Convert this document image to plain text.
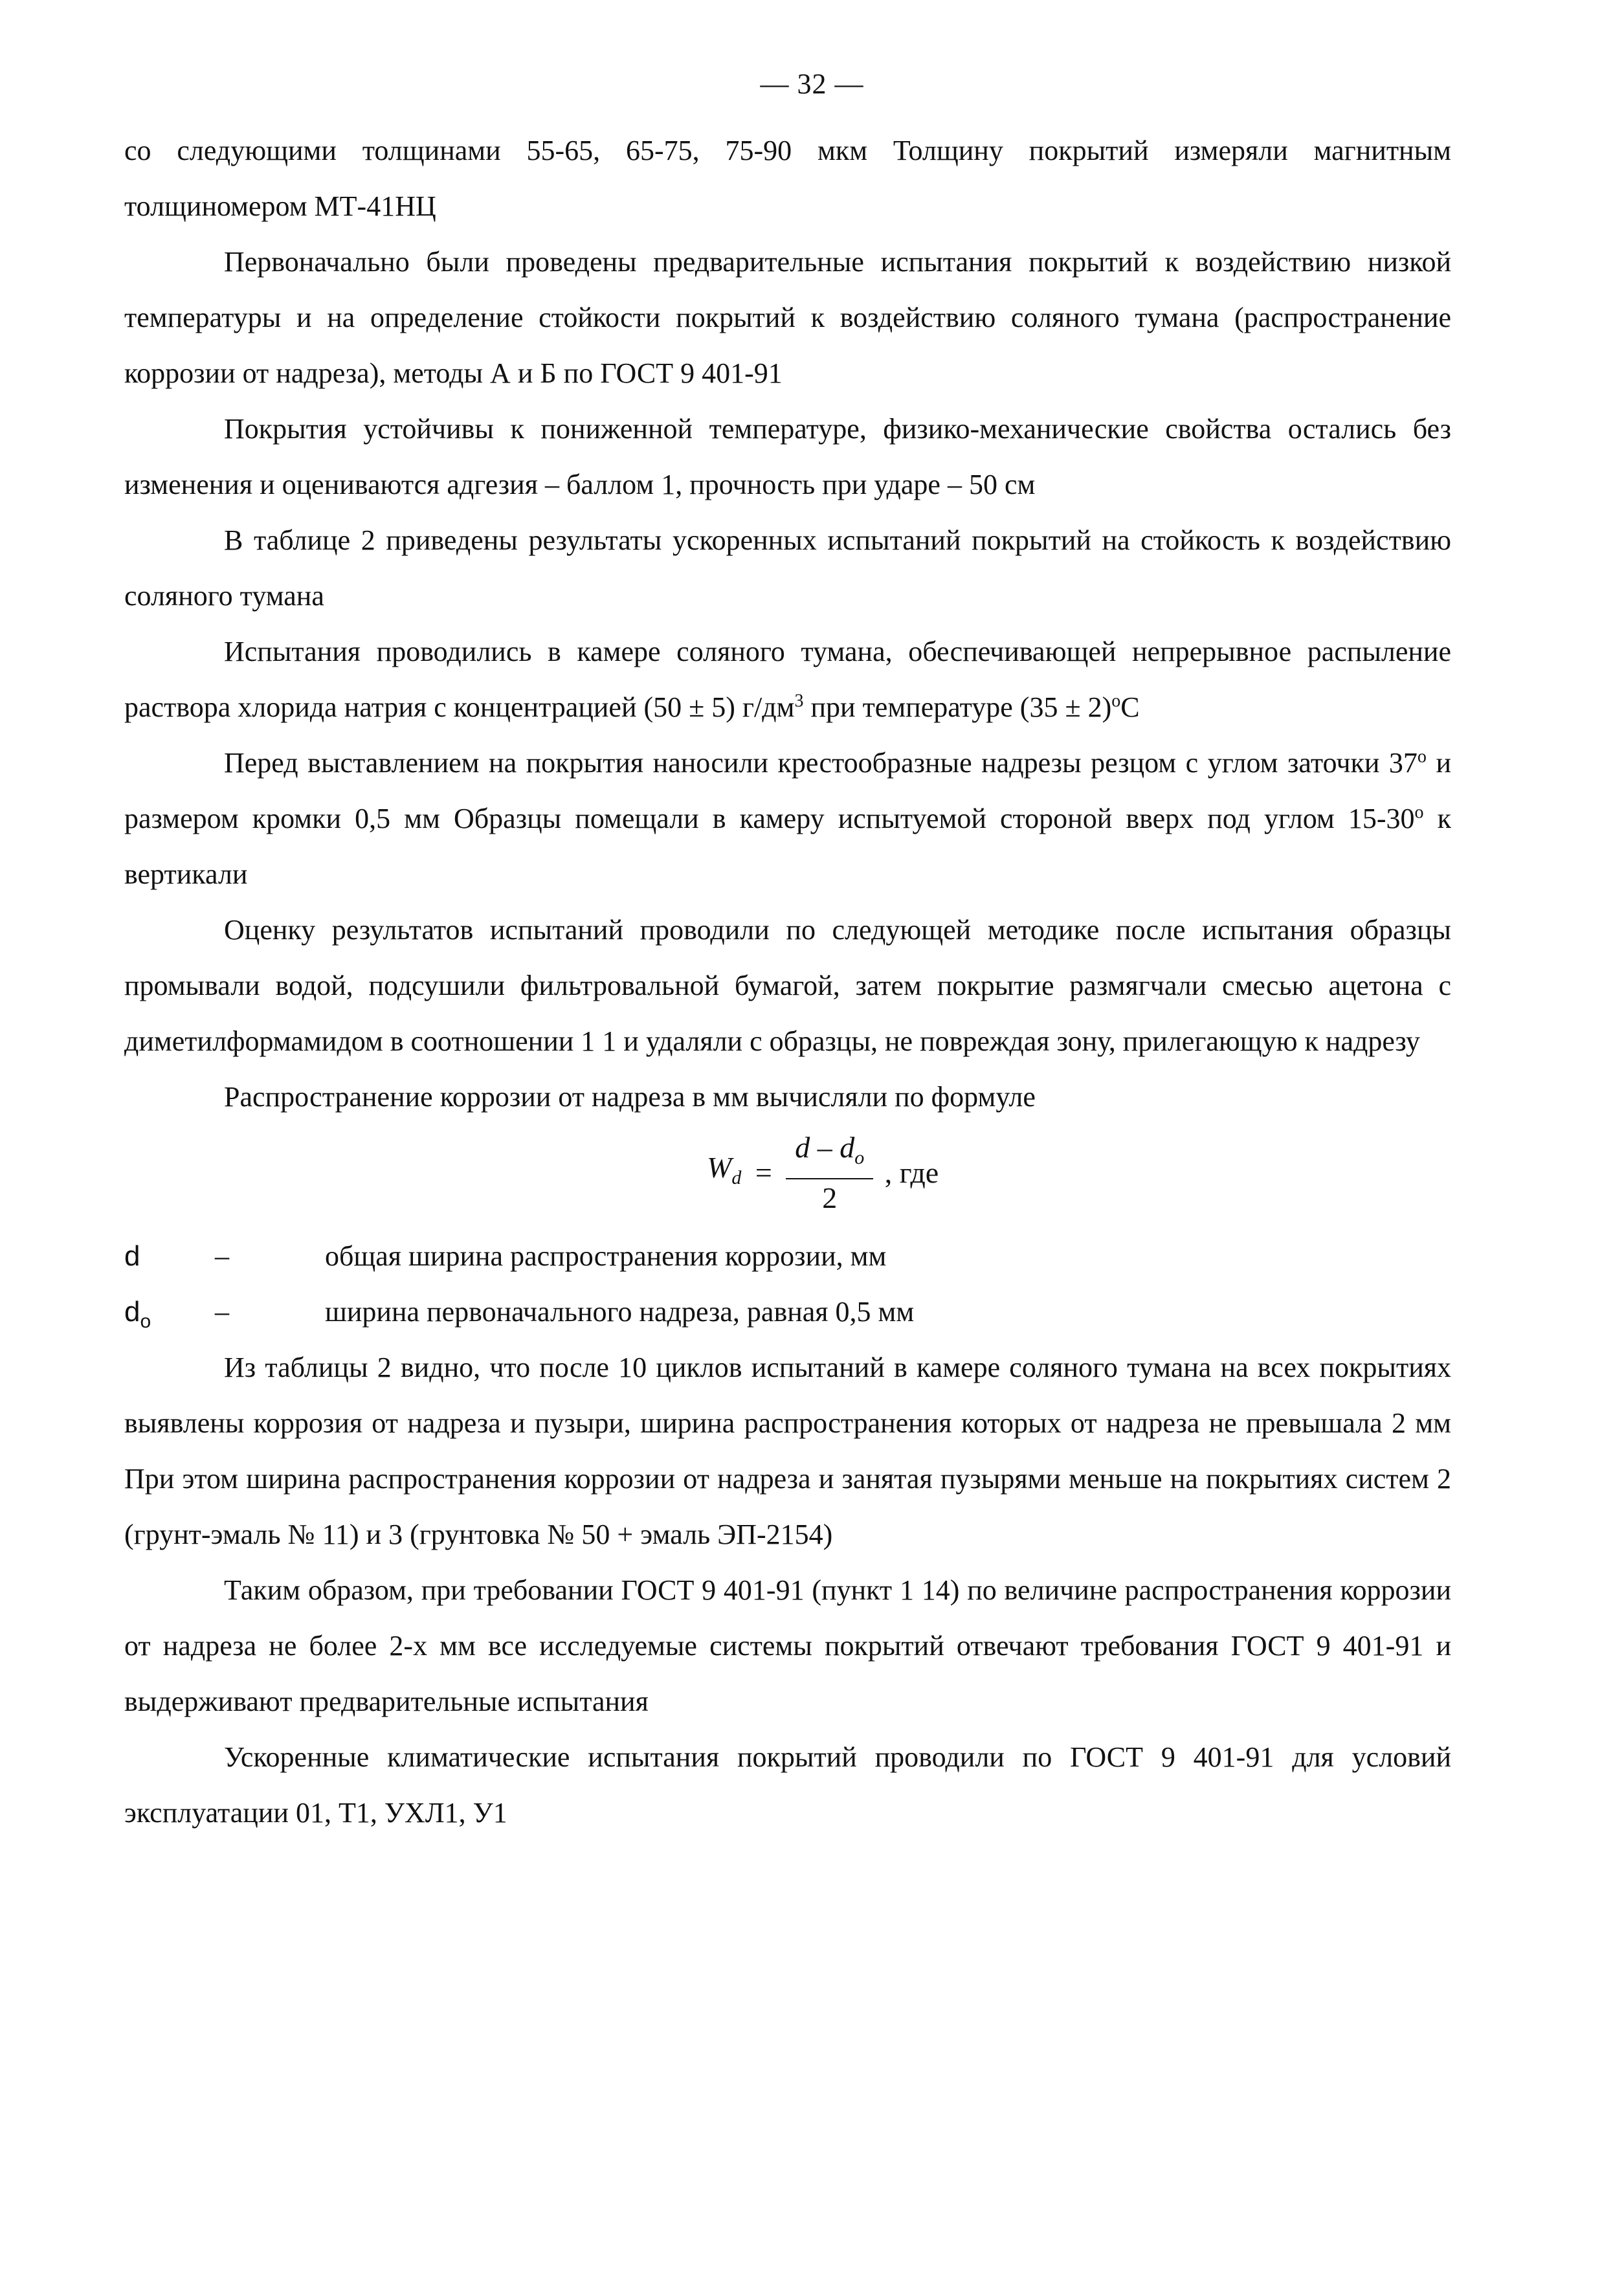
— 32 —

со следующими толщинами 55-65, 65-75, 75-90 мкм Толщину покрытий измеряли магнитным толщиномером МТ-41НЦ

Первоначально были проведены предварительные испытания покрытий к воздействию низкой температуры и на определение стойкости покрытий к воздействию соляного тумана (распространение коррозии от надреза), методы А и Б по ГОСТ 9 401-91

Покрытия устойчивы к пониженной температуре, физико-механические свойства остались без изменения и оцениваются адгезия – баллом 1, прочность при ударе – 50 см

В таблице 2 приведены результаты ускоренных испытаний покрытий на стойкость к воздействию соляного тумана

Испытания проводились в камере соляного тумана, обеспечивающей непрерывное распыление раствора хлорида натрия с концентрацией (50 ± 5) $г/дм^3$ при температуре $(35 \pm 2)^oС$

Перед выставлением на покрытия наносили крестообразные надрезы резцом с углом заточки 37$^o$ и размером кромки 0,5 мм Образцы помещали в камеру испытуемой стороной вверх под углом 15-30$^o$ к вертикали

Оценку результатов испытаний проводили по следующей методике после испытания образцы промывали водой, подсушили фильтровальной бумагой, затем покрытие размягчали смесью ацетона с диметилформамидом в соотношении 1 1 и удаляли с образцы, не повреждая зону, прилегающую к надрезу

Распространение коррозии от надреза в мм вычисляли по формуле

$W_d = \frac{d - d_o}{2}$ , где
d	–	общая ширина распространения коррозии, мм
$d_o$	–	ширина первоначального надреза, равная 0,5 мм

Из таблицы 2 видно, что после 10 циклов испытаний в камере соляного тумана на всех покрытиях выявлены коррозия от надреза и пузыри, ширина распространения которых от надреза не превышала 2 мм При этом ширина распространения коррозии от надреза и занятая пузырями меньше на покрытиях систем 2 (грунт-эмаль № 11) и 3 (грунтовка № 50 + эмаль ЭП-2154)

Таким образом, при требовании ГОСТ 9 401-91 (пункт 1 14) по величине распространения коррозии от надреза не более 2-х мм все исследуемые системы покрытий отвечают требования ГОСТ 9 401-91 и выдерживают предварительные испытания

Ускоренные климатические испытания покрытий проводили по ГОСТ 9 401-91 для условий эксплуатации 01, Т1, УХЛ1, У1
